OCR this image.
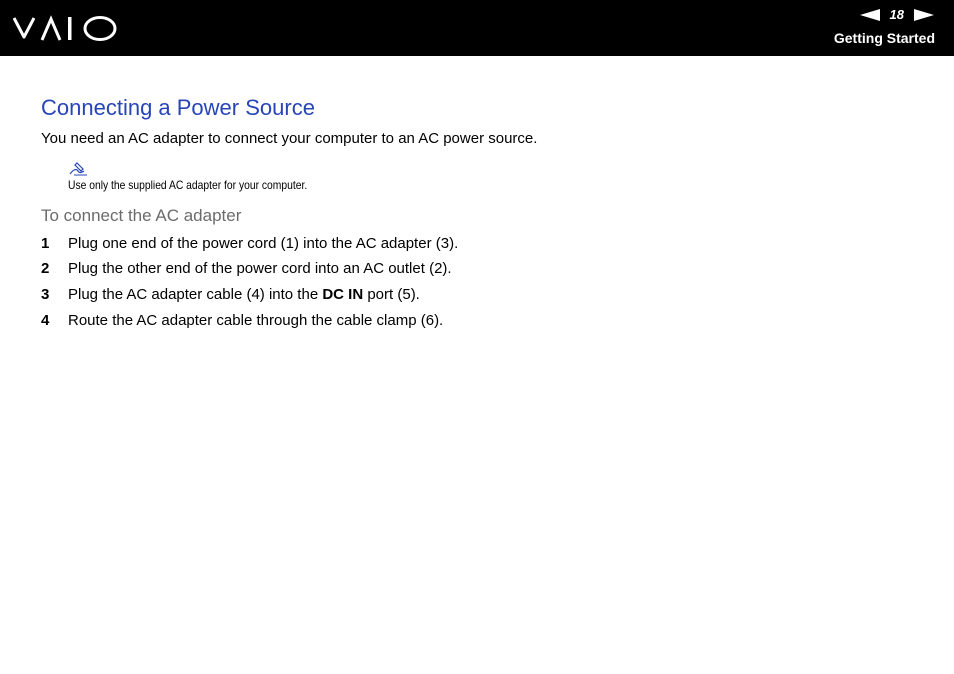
18
Getting Started
Connecting a Power Source

You need an AC adapter to connect your computer to an AC power source.

Use only the supplied AC adapter for your computer.

To connect the AC adapter
1 Plug one end of the power cord (1) into the AC adapter (3).
2 Plug the other end of the power cord into an AC outlet (2).
3 Plug the AC adapter cable (4) into the DC IN port (5).
4 Route the AC adapter cable through the cable clamp (6).
